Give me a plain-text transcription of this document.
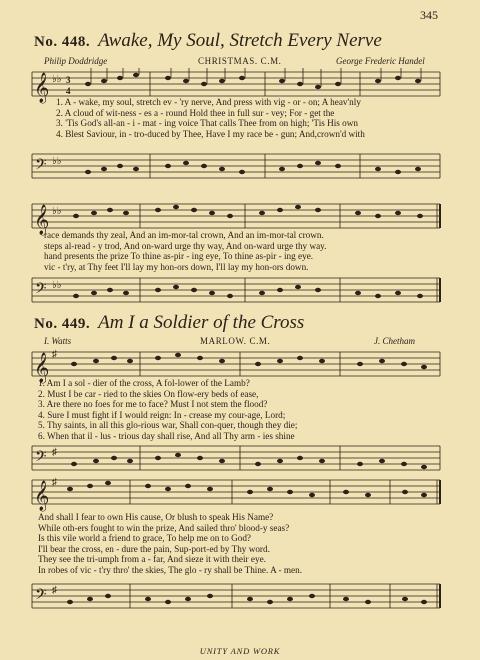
No. 448. Awake, My Soul, Stretch Every Nerve
Philip Doddridge	CHRISTMAS. C.M.	George Frederic Handel
𝄞 ♭♭ 3
4
1. A - wake, my soul, stretch ev - 'ry nerve, And press with vig - or - on; A heav'nly
2. A cloud of wit-ness - es a - round Hold thee in full sur - vey; For - get the
3. 'Tis God's all-an - i - mat - ing voice That calls Thee from on high; 'Tis His own
4. Blest Saviour, in - tro-duced by Thee, Have I my race be - gun; And,crown'd with
𝄢 ♭♭
𝄞 ♭♭
race demands thy zeal, And an im-mor-tal crown, And an im-mor-tal crown.
steps al-read - y trod, And on-ward urge thy way, And on-ward urge thy way.
hand presents the prize To thine as-pir - ing eye, To thine as-pir - ing eye.
vic - t'ry, at Thy feet I'll lay my hon-ors down, I'll lay my hon-ors down.
𝄢 ♭♭
No. 449. Am I a Soldier of the Cross
I. Watts	MARLOW. C.M.	J. Chetham
𝄞 ♯
1. Am I a sol - dier of the cross, A fol-lower of the Lamb?
2. Must I be car - ried to the skies On flow-ery beds of ease,
3. Are there no foes for me to face? Must I not stem the flood?
4. Sure I must fight if I would reign: In - crease my cour-age, Lord;
5. Thy saints, in all this glo-rious war, Shall con-quer, though they die;
6. When that il - lus - trious day shall rise, And all Thy arm - ies shine
𝄢 ♯
𝄞 ♯
And shall I fear to own His cause, Or blush to speak His Name?
While oth-ers fought to win the prize, And sailed thro' blood-y seas?
Is this vile world a friend to grace, To help me on to God?
I'll bear the cross, en - dure the pain, Sup-port-ed by Thy word.
They see the tri-umph from a - far, And sieze it with their eye.
In robes of vic - t'ry thro' the skies, The glo - ry shall be Thine. A - men.
𝄢 ♯
UNITY AND WORK
345
